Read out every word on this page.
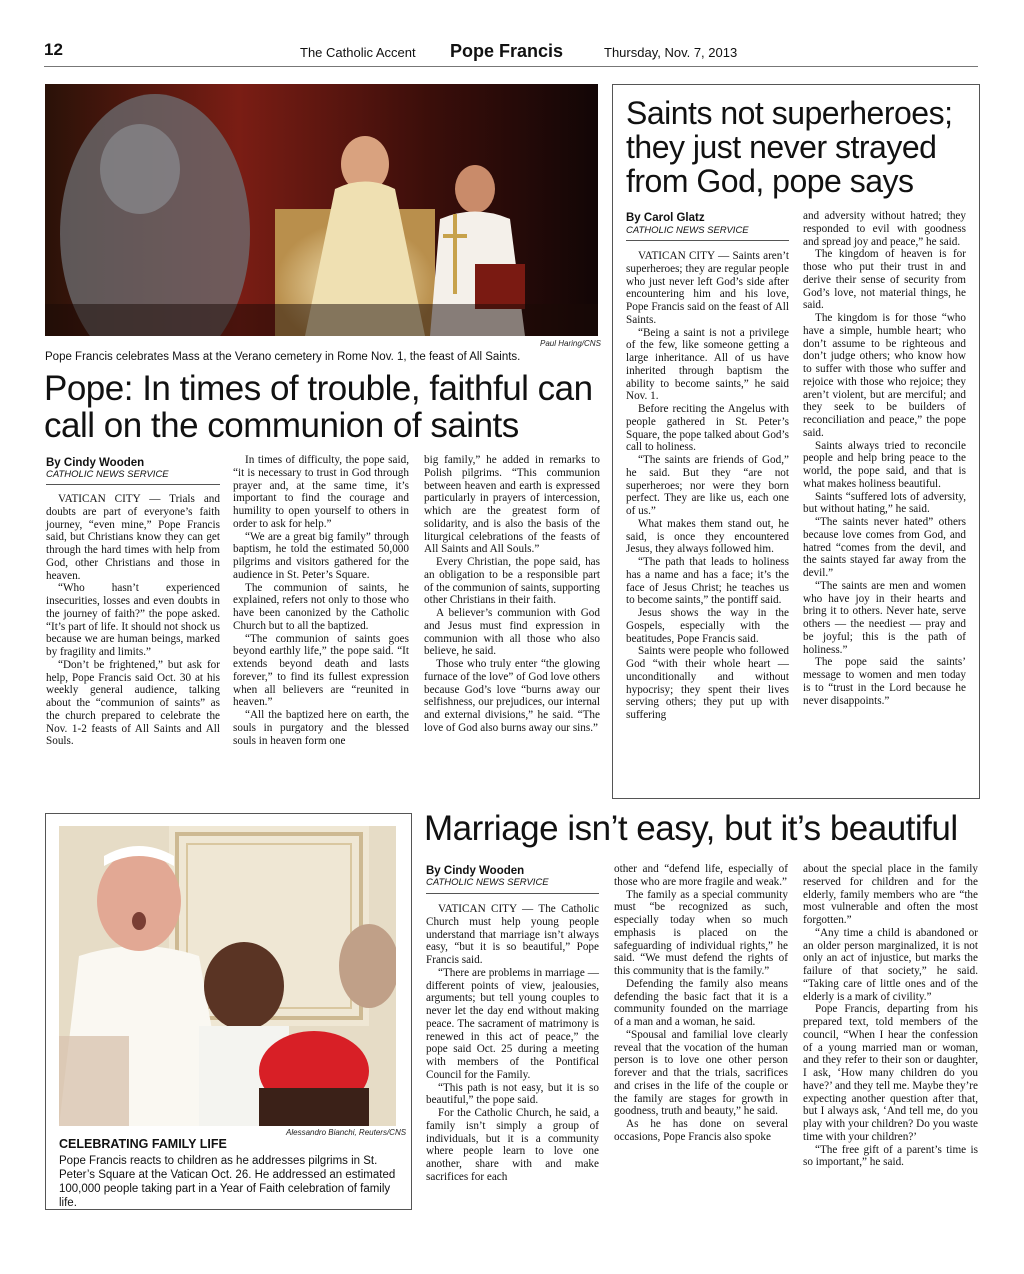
12	The Catholic Accent Pope Francis	Thursday, Nov. 7, 2013
Paul Haring/CNS
Pope Francis celebrates Mass at the Verano cemetery in Rome Nov. 1, the feast of All Saints.
Pope: In times of trouble, faithful can call on the communion of saints
By Cindy Wooden
CATHOLIC NEWS SERVICE

VATICAN CITY — Trials and doubts are part of everyone’s faith journey, “even mine,” Pope Francis said, but Christians know they can get through the hard times with help from God, other Christians and those in heaven.

“Who hasn’t experienced insecurities, losses and even doubts in the journey of faith?” the pope asked. “It’s part of life. It should not shock us because we are human beings, marked by fragility and limits.”

“Don’t be frightened,” but ask for help, Pope Francis said Oct. 30 at his weekly general audience, talking about the “communion of saints” as the church prepared to celebrate the Nov. 1-2 feasts of All Saints and All Souls.

In times of difficulty, the pope said, “it is necessary to trust in God through prayer and, at the same time, it’s important to find the courage and humility to open yourself to others in order to ask for help.”

“We are a great big family” through baptism, he told the estimated 50,000 pilgrims and visitors gathered for the audience in St. Peter’s Square.

The communion of saints, he explained, refers not only to those who have been canonized by the Catholic Church but to all the baptized.

“The communion of saints goes beyond earthly life,” the pope said. “It extends beyond death and lasts forever,” to find its fullest expression when all believers are “reunited in heaven.”

“All the baptized here on earth, the souls in purgatory and the blessed souls in heaven form one

big family,” he added in remarks to Polish pilgrims. “This communion between heaven and earth is expressed particularly in prayers of intercession, which are the greatest form of solidarity, and is also the basis of the liturgical celebrations of the feasts of All Saints and All Souls.”

Every Christian, the pope said, has an obligation to be a responsible part of the communion of saints, supporting other Christians in their faith.

A believer’s communion with God and Jesus must find expression in communion with all those who also believe, he said.

Those who truly enter “the glowing furnace of the love” of God love others because God’s love “burns away our selfishness, our prejudices, our internal and external divisions,” he said. “The love of God also burns away our sins.”

Saints not superheroes; they just never strayed from God, pope says
By Carol Glatz
CATHOLIC NEWS SERVICE

VATICAN CITY — Saints aren’t superheroes; they are regular people who just never left God’s side after encountering him and his love, Pope Francis said on the feast of All Saints.

“Being a saint is not a privilege of the few, like someone getting a large inheritance. All of us have inherited through baptism the ability to become saints,” he said Nov. 1.

Before reciting the Angelus with people gathered in St. Peter’s Square, the pope talked about God’s call to holiness.

“The saints are friends of God,” he said. But they “are not superheroes; nor were they born perfect. They are like us, each one of us.”

What makes them stand out, he said, is once they encountered Jesus, they always followed him.

“The path that leads to holiness has a name and has a face; it’s the face of Jesus Christ; he teaches us to become saints,” the pontiff said.

Jesus shows the way in the Gospels, especially with the beatitudes, Pope Francis said.

Saints were people who followed God “with their whole heart — unconditionally and without hypocrisy; they spent their lives serving others; they put up with suffering

and adversity without hatred; they responded to evil with goodness and spread joy and peace,” he said.

The kingdom of heaven is for those who put their trust in and derive their sense of security from God’s love, not material things, he said.

The kingdom is for those “who have a simple, humble heart; who don’t assume to be righteous and don’t judge others; who know how to suffer with those who suffer and rejoice with those who rejoice; they aren’t violent, but are merciful; and they seek to be builders of reconciliation and peace,” the pope said.

Saints always tried to reconcile people and help bring peace to the world, the pope said, and that is what makes holiness beautiful.

Saints “suffered lots of adversity, but without hating,” he said.

“The saints never hated” others because love comes from God, and hatred “comes from the devil, and the saints stayed far away from the devil.”

“The saints are men and women who have joy in their hearts and bring it to others. Never hate, serve others — the neediest — pray and be joyful; this is the path of holiness.”

The pope said the saints’ message to women and men today is to “trust in the Lord because he never disappoints.”

Alessandro Bianchi, Reuters/CNS
CELEBRATING FAMILY LIFE
Pope Francis reacts to children as he addresses pilgrims in St. Peter’s Square at the Vatican Oct. 26. He addressed an estimated 100,000 people taking part in a Year of Faith celebration of family life.
Marriage isn’t easy, but it’s beautiful
By Cindy Wooden
CATHOLIC NEWS SERVICE

VATICAN CITY — The Catholic Church must help young people understand that marriage isn’t always easy, “but it is so beautiful,” Pope Francis said.

“There are problems in marriage — different points of view, jealousies, arguments; but tell young couples to never let the day end without making peace. The sacrament of matrimony is renewed in this act of peace,” the pope said Oct. 25 during a meeting with members of the Pontifical Council for the Family.

“This path is not easy, but it is so beautiful,” the pope said.

For the Catholic Church, he said, a family isn’t simply a group of individuals, but it is a community where people learn to love one another, share with and make sacrifices for each

other and “defend life, especially of those who are more fragile and weak.”

The family as a special community must “be recognized as such, especially today when so much emphasis is placed on the safeguarding of individual rights,” he said. “We must defend the rights of this community that is the family.”

Defending the family also means defending the basic fact that it is a community founded on the marriage of a man and a woman, he said.

“Spousal and familial love clearly reveal that the vocation of the human person is to love one other person forever and that the trials, sacrifices and crises in the life of the couple or the family are stages for growth in goodness, truth and beauty,” he said.

As he has done on several occasions, Pope Francis also spoke

about the special place in the family reserved for children and for the elderly, family members who are “the most vulnerable and often the most forgotten.”

“Any time a child is abandoned or an older person marginalized, it is not only an act of injustice, but marks the failure of that society,” he said. “Taking care of little ones and of the elderly is a mark of civility.”

Pope Francis, departing from his prepared text, told members of the council, “When I hear the confession of a young married man or woman, and they refer to their son or daughter, I ask, ‘How many children do you have?’ and they tell me. Maybe they’re expecting another question after that, but I always ask, ‘And tell me, do you play with your children? Do you waste time with your children?’

“The free gift of a parent’s time is so important,” he said.
